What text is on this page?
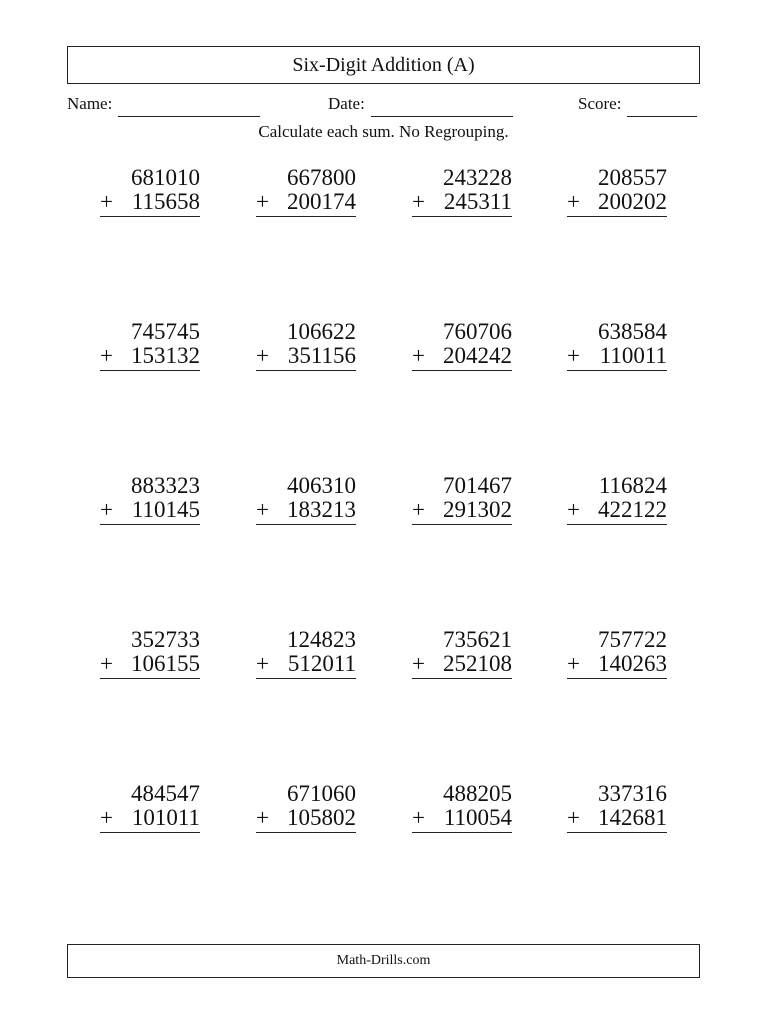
Six-Digit Addition (A)
Name:	Date:	Score:
Calculate each sum. No Regrouping.
681010
+ 115658
667800
+ 200174
243228
+ 245311
208557
+ 200202
745745
+ 153132
106622
+ 351156
760706
+ 204242
638584
+ 110011
883323
+ 110145
406310
+ 183213
701467
+ 291302
116824
+ 422122
352733
+ 106155
124823
+ 512011
735621
+ 252108
757722
+ 140263
484547
+ 101011
671060
+ 105802
488205
+ 110054
337316
+ 142681
Math-Drills.com
